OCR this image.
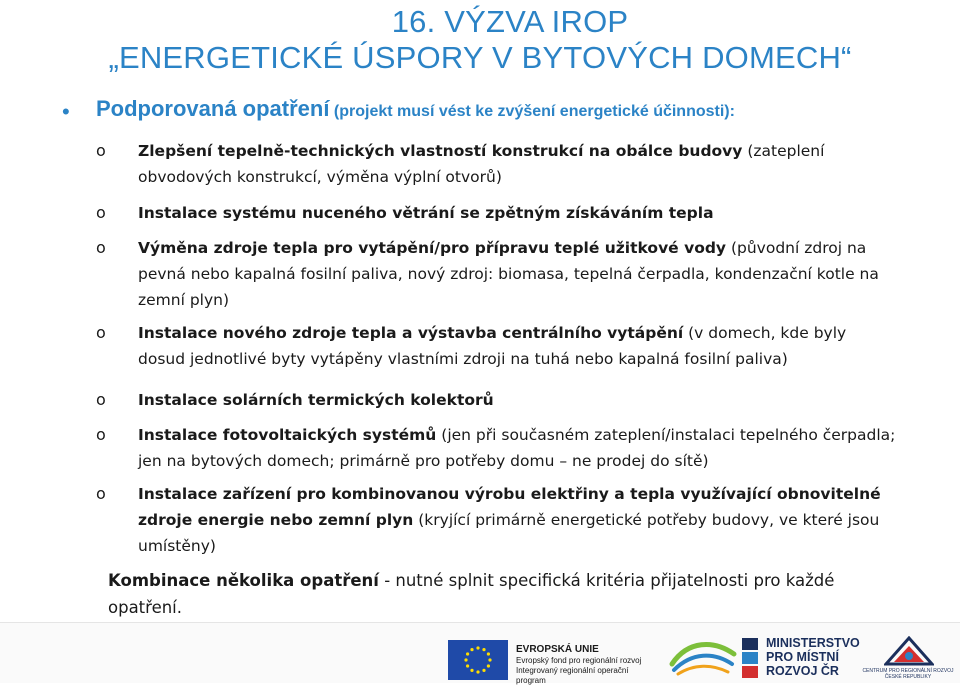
16. VÝZVA IROP
„ENERGETICKÉ ÚSPORY V BYTOVÝCH DOMECH“
• Podporovaná opatření (projekt musí vést ke zvýšení energetické účinnosti):
o Zlepšení tepelně-technických vlastností konstrukcí na obálce budovy (zateplení obvodových konstrukcí, výměna výplní otvorů)
o Instalace systému nuceného větrání se zpětným získáváním tepla
o Výměna zdroje tepla pro vytápění/pro přípravu teplé užitkové vody (původní zdroj na pevná nebo kapalná fosilní paliva, nový zdroj: biomasa, tepelná čerpadla, kondenzační kotle na zemní plyn)
o Instalace nového zdroje tepla a výstavba centrálního vytápění (v domech, kde byly dosud jednotlivé byty vytápěny vlastními zdroji na tuhá nebo kapalná fosilní paliva)
o Instalace solárních termických kolektorů
o Instalace fotovoltaických systémů (jen při současném zateplení/instalaci tepelného čerpadla; jen na bytových domech; primárně pro potřeby domu – ne prodej do sítě)
o Instalace zařízení pro kombinovanou výrobu elektřiny a tepla využívající obnovitelné zdroje energie nebo zemní plyn (kryjící primárně energetické potřeby budovy, ve které jsou umístěny)
Kombinace několika opatření - nutné splnit specifická kritéria přijatelnosti pro každé opatření.
EVROPSKÁ UNIE
Evropský fond pro regionální rozvoj
Integrovaný regionální operační program
MINISTERSTVO
PRO MÍSTNÍ
ROZVOJ ČR	CENTRUM PRO REGIONÁLNÍ ROZVOJ
ČESKÉ REPUBLIKY
